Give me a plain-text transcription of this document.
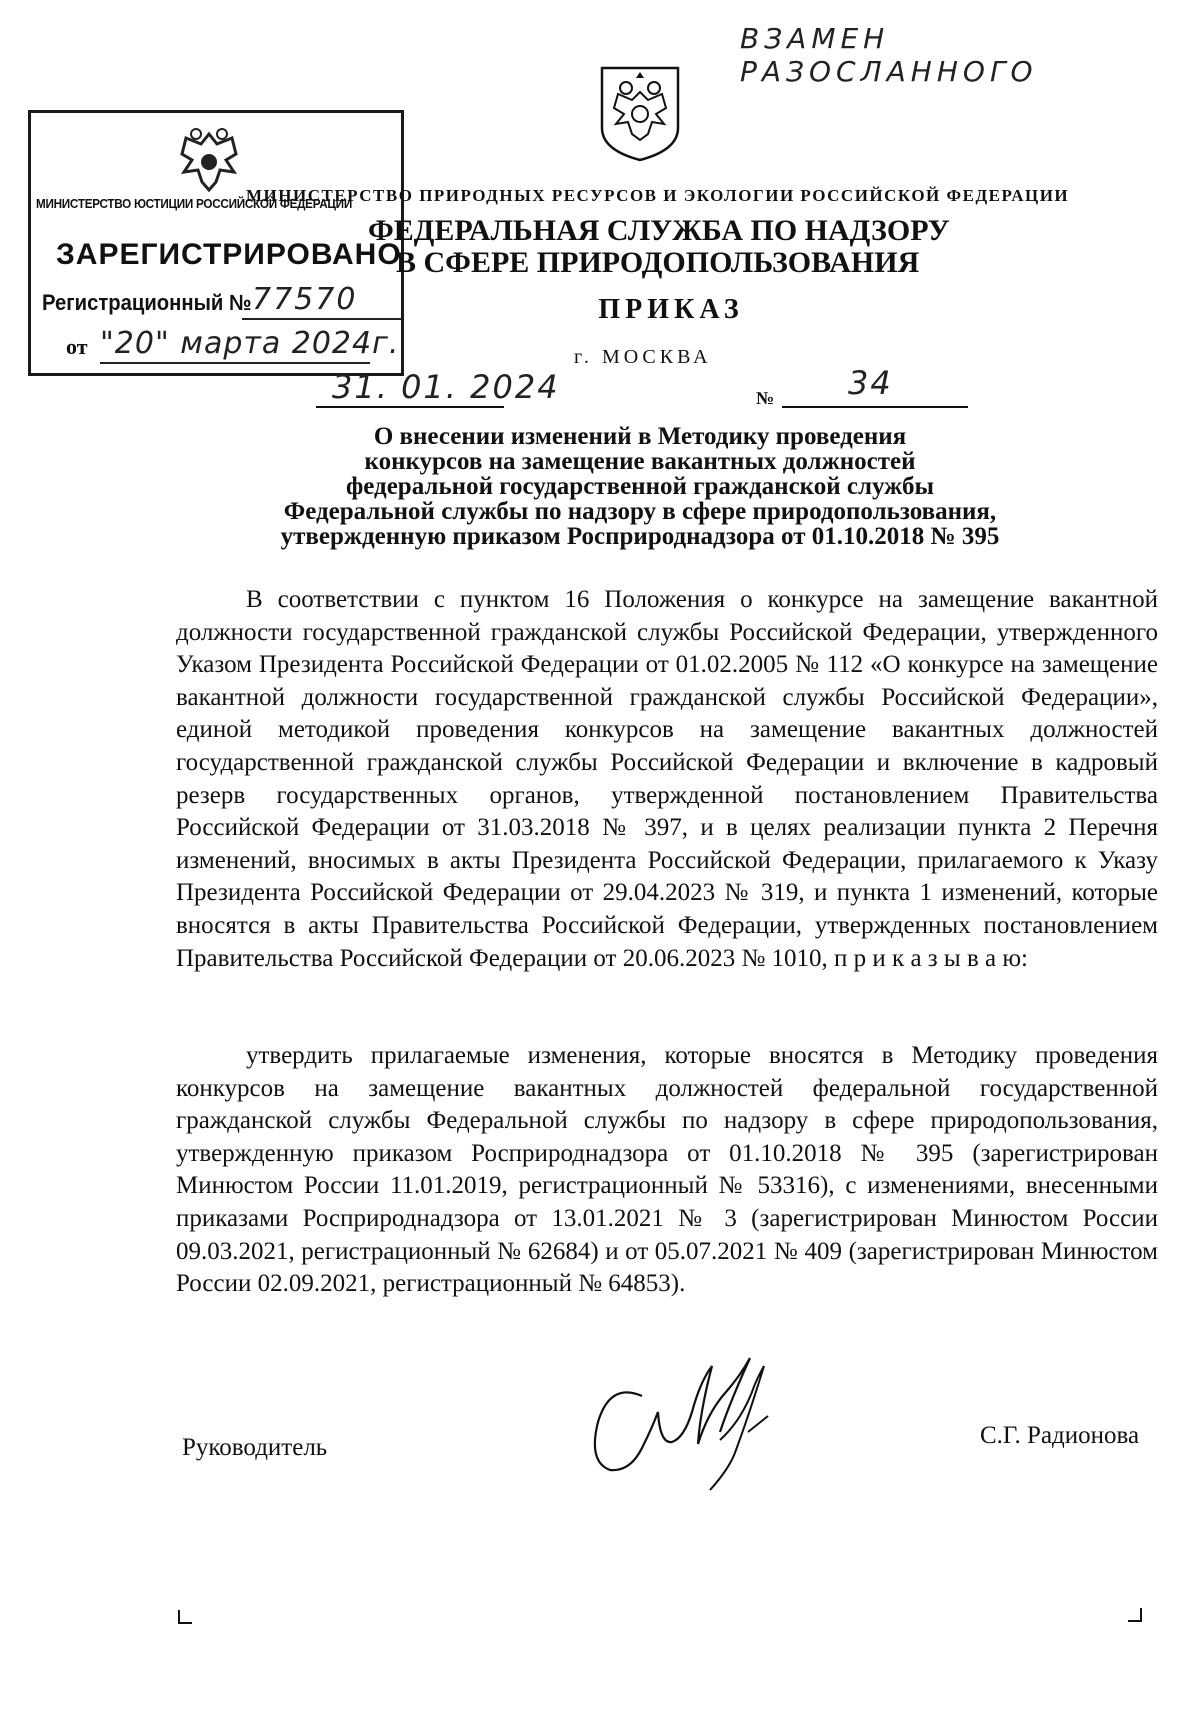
ВЗАМЕН РАЗОСЛАННОГО
МИНИСТЕРСТВО ЮСТИЦИИ РОССИЙСКОЙ ФЕДЕРАЦИИ
ЗАРЕГИСТРИРОВАНО
Регистрационный № 77570
от "20" марта 2024г.
МИНИСТЕРСТВО ПРИРОДНЫХ РЕСУРСОВ И ЭКОЛОГИИ РОССИЙСКОЙ ФЕДЕРАЦИИ
ФЕДЕРАЛЬНАЯ СЛУЖБА ПО НАДЗОРУ
В СФЕРЕ ПРИРОДОПОЛЬЗОВАНИЯ
ПРИКАЗ
г. МОСКВА
31. 01. 2024	№ 34
О внесении изменений в Методику проведения
конкурсов на замещение вакантных должностей
федеральной государственной гражданской службы
Федеральной службы по надзору в сфере природопользования,
утвержденную приказом Росприроднадзора от 01.10.2018 № 395

В соответствии с пунктом 16 Положения о конкурсе на замещение вакантной должности государственной гражданской службы Российской Федерации, утвержденного Указом Президента Российской Федерации от 01.02.2005 № 112 «О конкурсе на замещение вакантной должности государственной гражданской службы Российской Федерации», единой методикой проведения конкурсов на замещение вакантных должностей государственной гражданской службы Российской Федерации и включение в кадровый резерв государственных органов, утвержденной постановлением Правительства Российской Федерации от 31.03.2018 № 397, и в целях реализации пункта 2 Перечня изменений, вносимых в акты Президента Российской Федерации, прилагаемого к Указу Президента Российской Федерации от 29.04.2023 № 319, и пункта 1 изменений, которые вносятся в акты Правительства Российской Федерации, утвержденных постановлением Правительства Российской Федерации от 20.06.2023 № 1010, п р и к а з ы в а ю:

утвердить прилагаемые изменения, которые вносятся в Методику проведения конкурсов на замещение вакантных должностей федеральной государственной гражданской службы Федеральной службы по надзору в сфере природопользования, утвержденную приказом Росприроднадзора от 01.10.2018 № 395 (зарегистрирован Минюстом России 11.01.2019, регистрационный № 53316), с изменениями, внесенными приказами Росприроднадзора от 13.01.2021 № 3 (зарегистрирован Минюстом России 09.03.2021, регистрационный № 62684) и от 05.07.2021 № 409 (зарегистрирован Минюстом России 02.09.2021, регистрационный № 64853).

Руководитель	С.Г. Радионова
